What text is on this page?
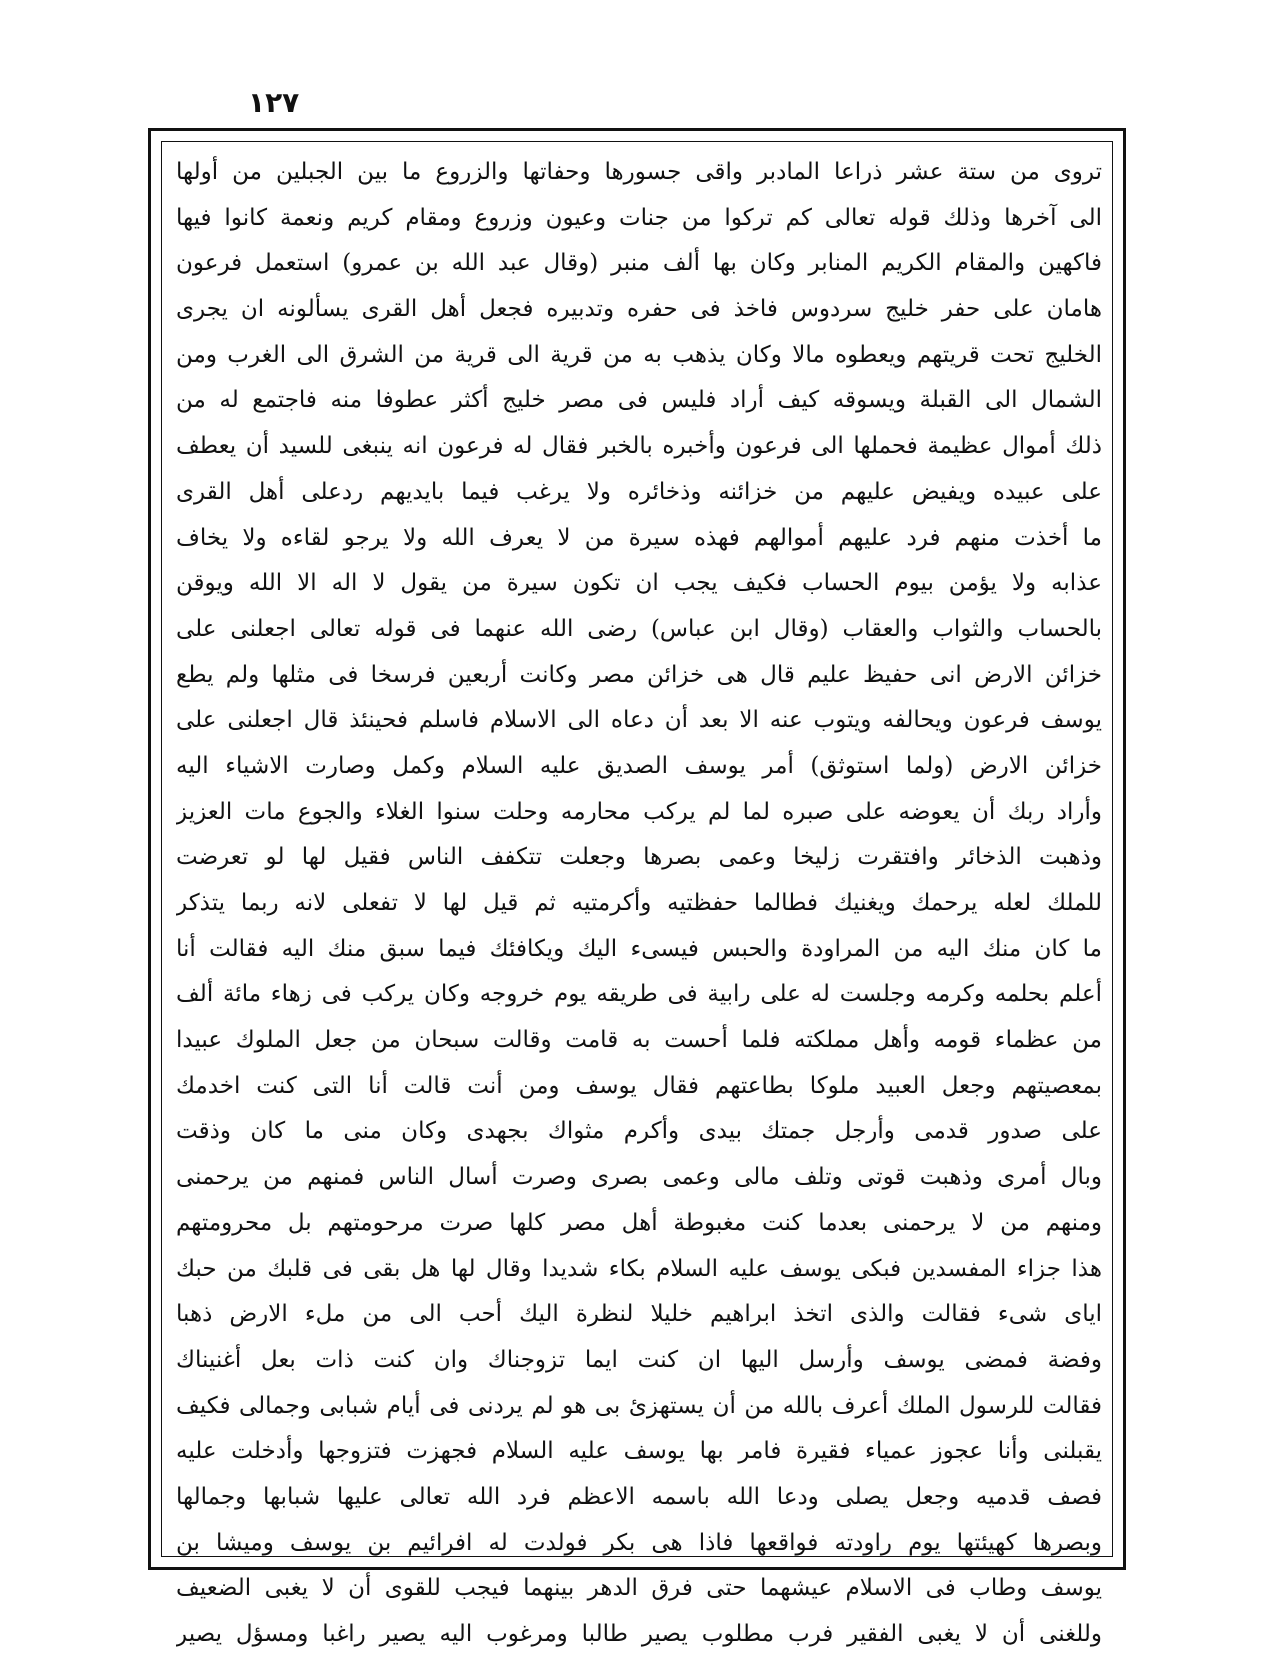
١٢٧
تروى من ستة عشر ذراعا المادبر واقى جسورها وحفاتها والزروع ما بين الجبلين من أولها
الى آخرها وذلك قوله تعالى كم تركوا من جنات وعيون وزروع ومقام كريم ونعمة كانوا فيها
فاكهين والمقام الكريم المنابر وكان بها ألف منبر (وقال عبد الله بن عمرو) استعمل فرعون
هامان على حفر خليج سردوس فاخذ فى حفره وتدبيره فجعل أهل القرى يسألونه ان يجرى
الخليج تحت قريتهم ويعطوه مالا وكان يذهب به من قرية الى قرية من الشرق الى الغرب ومن
الشمال الى القبلة ويسوقه كيف أراد فليس فى مصر خليج أكثر عطوفا منه فاجتمع له من
ذلك أموال عظيمة فحملها الى فرعون وأخبره بالخبر فقال له فرعون انه ينبغى للسيد أن يعطف
على عبيده ويفيض عليهم من خزائنه وذخائره ولا يرغب فيما بايديهم ردعلى أهل القرى
ما أخذت منهم فرد عليهم أموالهم فهذه سيرة من لا يعرف الله ولا يرجو لقاءه ولا يخاف
عذابه ولا يؤمن بيوم الحساب فكيف يجب ان تكون سيرة من يقول لا اله الا الله ويوقن
بالحساب والثواب والعقاب (وقال ابن عباس) رضى الله عنهما فى قوله تعالى اجعلنى على
خزائن الارض انى حفيظ عليم قال هى خزائن مصر وكانت أربعين فرسخا فى مثلها ولم يطع
يوسف فرعون ويحالفه ويتوب عنه الا بعد أن دعاه الى الاسلام فاسلم فحينئذ قال اجعلنى على
خزائن الارض (ولما استوثق) أمر يوسف الصديق عليه السلام وكمل وصارت الاشياء اليه
وأراد ربك أن يعوضه على صبره لما لم يركب محارمه وحلت سنوا الغلاء والجوع مات العزيز
وذهبت الذخائر وافتقرت زليخا وعمى بصرها وجعلت تتكفف الناس فقيل لها لو تعرضت
للملك لعله يرحمك ويغنيك فطالما حفظتيه وأكرمتيه ثم قيل لها لا تفعلى لانه ربما يتذكر
ما كان منك اليه من المراودة والحبس فيسىء اليك ويكافئك فيما سبق منك اليه فقالت أنا
أعلم بحلمه وكرمه وجلست له على رابية فى طريقه يوم خروجه وكان يركب فى زهاء مائة ألف
من عظماء قومه وأهل مملكته فلما أحست به قامت وقالت سبحان من جعل الملوك عبيدا
بمعصيتهم وجعل العبيد ملوكا بطاعتهم فقال يوسف ومن أنت قالت أنا التى كنت اخدمك
على صدور قدمى وأرجل جمتك بيدى وأكرم مثواك بجهدى وكان منى ما كان وذقت
وبال أمرى وذهبت قوتى وتلف مالى وعمى بصرى وصرت أسال الناس فمنهم من يرحمنى
ومنهم من لا يرحمنى بعدما كنت مغبوطة أهل مصر كلها صرت مرحومتهم بل محرومتهم
هذا جزاء المفسدين فبكى يوسف عليه السلام بكاء شديدا وقال لها هل بقى فى قلبك من حبك
اياى شىء فقالت والذى اتخذ ابراهيم خليلا لنظرة اليك أحب الى من ملء الارض ذهبا
وفضة فمضى يوسف وأرسل اليها ان كنت ايما تزوجناك وان كنت ذات بعل أغنيناك
فقالت للرسول الملك أعرف بالله من أن يستهزئ بى هو لم يردنى فى أيام شبابى وجمالى فكيف
يقبلنى وأنا عجوز عمياء فقيرة فامر بها يوسف عليه السلام فجهزت فتزوجها وأدخلت عليه
فصف قدميه وجعل يصلى ودعا الله باسمه الاعظم فرد الله تعالى عليها شبابها وجمالها
وبصرها كهيئتها يوم راودته فواقعها فاذا هى بكر فولدت له افرائيم بن يوسف وميشا بن
يوسف وطاب فى الاسلام عيشهما حتى فرق الدهر بينهما فيجب للقوى أن لا يغبى الضعيف
وللغنى أن لا يغبى الفقير فرب مطلوب يصير طالبا ومرغوب اليه يصير راغبا ومسؤل يصير
